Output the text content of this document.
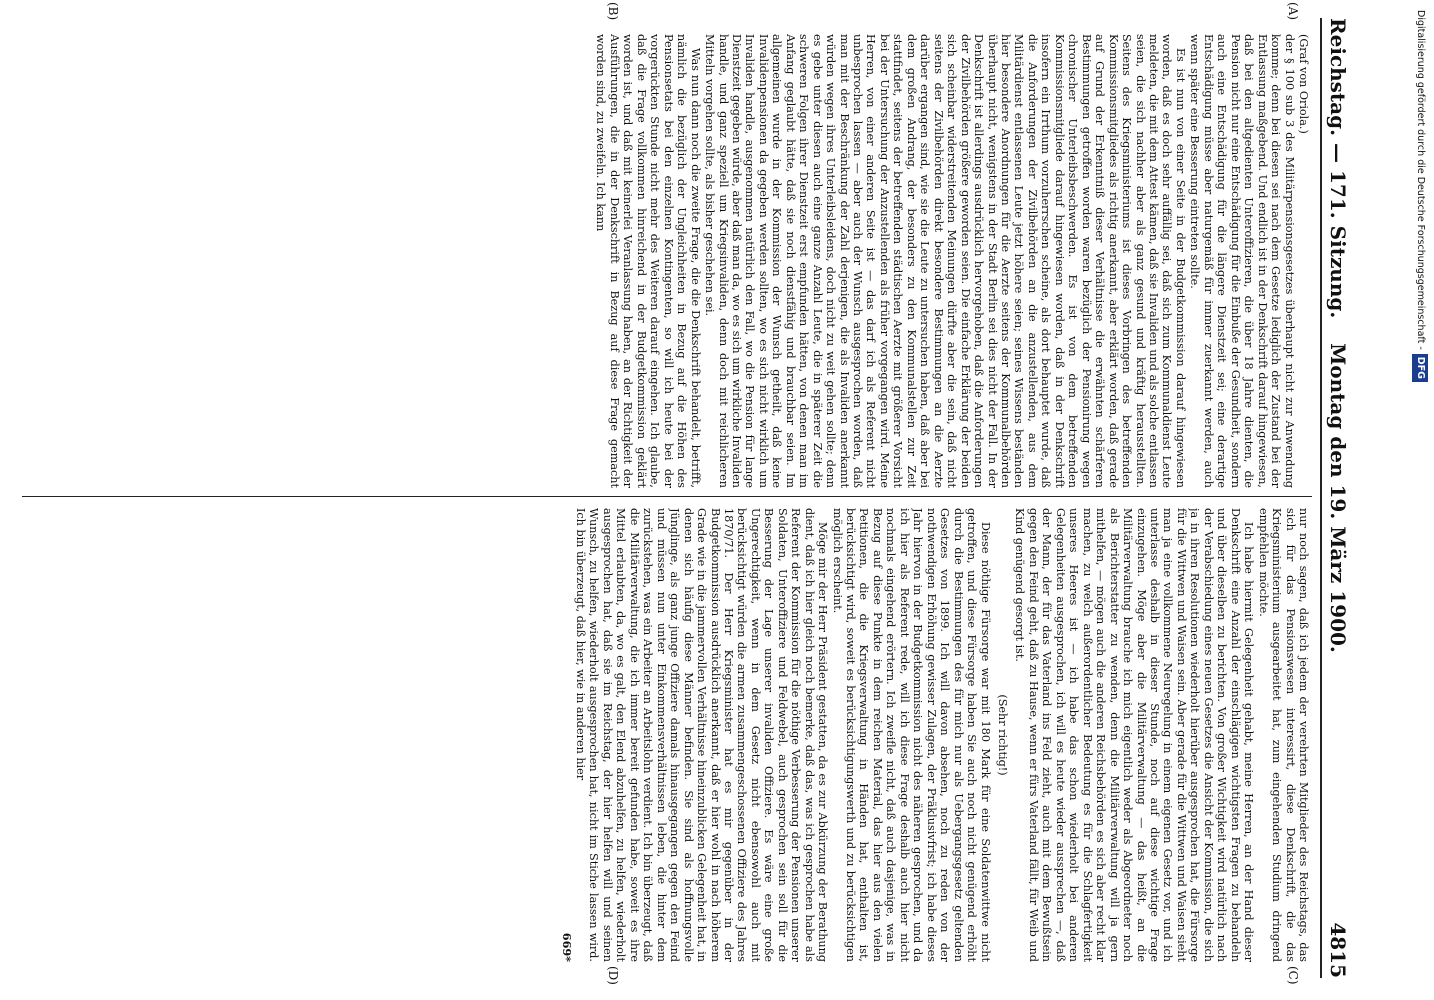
Reichstag. — 171. Sitzung.
Montag den 19. März 1900.
4815
(A)
(B)
(C)
(D)

(Graf von Oriola.)

der § 100 sub 3 des Militärpensionsgesetzes überhaupt nicht zur Anwendung komme; denn bei diesen sei nach dem Gesetze lediglich der Zustand bei der Entlassung maßgebend. Und endlich ist in der Denkschrift darauf hingewiesen, daß bei den altgedienten Unteroffizieren, die über 18 Jahre dienten, die Pension nicht nur eine Entschädigung für die Einbuße der Gesundheit, sondern auch eine Entschädigung für die längere Dienstzeit sei; eine derartige Entschädigung müsse aber naturgemäß für immer zuerkannt werden, auch wenn später eine Besserung eintreten sollte.

Es ist nun von einer Seite in der Budgetkommission darauf hingewiesen worden, daß es doch sehr auffällig sei, daß sich zum Kommunaldienst Leute meldeten, die mit dem Attest kämen, daß sie Invaliden und als solche entlassen seien, die sich nachher aber als ganz gesund und kräftig herausstellten. Seitens des Kriegsministeriums ist dieses Vorbringen des betreffenden Kommissionsmitgliedes als richtig anerkannt, aber erklärt worden, daß gerade auf Grund der Erkenntniß dieser Verhältnisse die erwähnten schärferen Bestimmungen getroffen worden waren bezüglich der Pensionirung wegen chronischer Unterleibsbeschwerden. Es ist von dem betreffenden Kommissionsmitgliede darauf hingewiesen worden, daß in der Denkschrift insofern ein Irrthum vorzuherrschen scheine, als dort behauptet wurde, daß die Anforderungen der Zivilbehörden an die anzustellenden, aus dem Militärdienst entlassenen Leute jetzt höhere seien; seines Wissens beständen hier besondere Anordnungen für die Aerzte seitens der Kommunalbehörden überhaupt nicht, wenigstens in der Stadt Berlin sei dies nicht der Fall. In der Denkschrift ist allerdings ausdrücklich hervorgehoben, daß die Anforderungen der Zivilbehörden größere geworden seien. Die einfache Erklärung der beiden sich scheinbar widerstreitenden Meinungen dürfte aber die sein, daß nicht seitens der Zivilbehörden direkt besondere Bestimmungen an die Aerzte darüber ergangen sind, wie sie die Leute zu untersuchen haben, daß aber bei dem großen Andrang, der besonders zu den Kommunalstellen zur Zeit stattfindet, seitens der betreffenden städtischen Aerzte mit größerer Vorsicht bei der Untersuchung der Anzustellenden als früher vorgegangen wird. Meine Herren, von einer anderen Seite ist — das darf ich als Referent nicht unbesprochen lassen — aber auch der Wunsch ausgesprochen worden, daß man mit der Beschränkung der Zahl derjenigen, die als Invaliden anerkannt würden wegen ihres Unterleibsleidens, doch nicht zu weit gehen sollte; denn es gebe unter diesen auch eine ganze Anzahl Leute, die in späterer Zeit die schweren Folgen ihrer Dienstzeit erst empfunden hätten, von denen man im Anfang geglaubt hätte, daß sie noch dienstfähig und brauchbar seien. Im allgemeinen wurde in der Kommission der Wunsch getheilt, daß keine Invalidenpensionen da gegeben werden sollten, wo es sich nicht wirklich um Invaliden handle, ausgenommen natürlich den Fall, wo die Pension für lange Dienstzeit gegeben würde, aber daß man da, wo es sich um wirkliche Invaliden handle, und ganz speziell um Kriegsinvaliden, denn doch mit reichlicheren Mitteln vorgehen sollte, als bisher geschehen sei.

Was nun dann noch die zweite Frage, die die Denkschrift behandelt, betrifft, nämlich die bezüglich der Ungleichheiten in Bezug auf die Höhen des Pensionsetats bei den einzelnen Kontingenten, so will ich heute bei der vorgerückten Stunde nicht mehr des Weiteren darauf eingehen. Ich glaube, daß die Frage vollkommen hinreichend in der Budgetkommission geklärt worden ist, und daß mit keinerlei Veranlassung haben, an der Richtigkeit der Ausführungen, die in der Denkschrift in Bezug auf diese Frage gemacht worden sind, zu zweifeln. Ich kann

nur noch sagen, daß ich jedem der verehrten Mitglieder des Reichstags, das sich für das Pensionswesen interessirt, diese Denkschrift, die das Kriegsministerium ausgearbeitet hat, zum eingehenden Studium dringend empfehlen möchte.

Ich habe hiermit Gelegenheit gehabt, meine Herren, an der Hand dieser Denkschrift eine Anzahl der einschlägigen wichtigsten Fragen zu behandeln und über dieselben zu berichten. Von großer Wichtigkeit wird natürlich nach der Verabschiedung eines neuen Gesetzes die Ansicht der Kommission, die sich ja in ihren Resolutionen wiederholt hierüber ausgesprochen hat, die Fürsorge für die Wittwen und Waisen sein. Aber gerade für die Wittwen und Waisen sieht man ja eine vollkommene Neuregelung in einem eigenen Gesetz vor, und ich unterlasse deshalb in dieser Stunde, noch auf diese wichtige Frage einzugehen. Möge aber die Militärverwaltung — das heißt, an die Militärverwaltung brauche ich mich eigentlich weder als Abgeordneter noch als Berichterstatter zu wenden, denn die Militärverwaltung will ja gern mithelfen, — mögen auch die anderen Reichsbehörden es sich aber recht klar machen, zu welch außerordentlicher Bedeutung es für die Schlagfertigkeit unseres Heeres ist — ich habe das schon wiederholt bei anderen Gelegenheiten ausgesprochen, ich will es heute wieder aussprechen —, daß der Mann, der für das Vaterland ins Feld zieht, auch mit dem Bewußtsein gegen den Feind geht, daß zu Hause, wenn er fürs Vaterland fällt, für Weib und Kind genügend gesorgt ist.

(Sehr richtig!)

Diese nöthige Fürsorge war mit 180 Mark für eine Soldatenwittwe nicht getroffen, und diese Fürsorge haben Sie auch noch nicht genügend erhöht durch die Bestimmungen des für mich nur als Uebergangsgesetz geltenden Gesetzes von 1899. Ich will davon absehen, noch zu reden von der nothwendigen Erhöhung gewisser Zulagen, der Präklusivfrist; ich habe dieses Jahr hiervon in der Budgetkommission nicht des näheren gesprochen, und da ich hier als Referent rede, will ich diese Frage deshalb auch hier nicht nochmals eingehend erörtern. Ich zweifle nicht, daß auch dasjenige, was in Bezug auf diese Punkte in dem reichen Material, das hier aus den vielen Petitionen, die die Kriegsverwaltung in Händen hat, enthalten ist, berücksichtigt wird, soweit es berücksichtigungswerth und zu berücksichtigen möglich erscheint.

Möge mir der Herr Präsident gestatten, da es zur Abkürzung der Berathung dient, daß ich hier gleich noch bemerke, daß das, was ich gesprochen habe als Referent der Kommission für die nöthige Verbesserung der Pensionen unserer Soldaten, Unteroffiziere und Feldwebel, auch gesprochen sein soll für die Besserung der Lage unserer invaliden Offiziere. Es wäre eine große Ungerechtigkeit, wenn in dem Gesetz nicht ebensowohl auch mit berücksichtigt würden die armen zusammengeschossenen Offiziere des Jahres 1870/71. Der Herr Kriegsminister hat es mir gegenüber in der Budgetkommission ausdrücklich anerkannt, daß er hier wohl in nach höherem Grade wie in die jammervollen Verhältnisse hineinzublicken Gelegenheit hat, in denen sich häufig diese Männer befinden. Sie sind als hoffnungsvolle Jünglinge, als ganz junge Offiziere damals hinausgegangen gegen den Feind und müssen nun unter Einkommensverhältnissen leben, die hinter dem zurückstehen, was ein Arbeiter an Arbeitslohn verdient. Ich bin überzeugt, daß die Militärverwaltung, die ich immer bereit gefunden habe, soweit es ihre Mittel erlaubten, da, wo es galt, den Elend abzuhelfen, zu helfen, wiederholt ausgesprochen hat, daß sie im Reichstag, der hier helfen will und seinen Wunsch, zu helfen, wiederholt ausgesprochen hat, nicht im Stiche lassen wird. Ich bin überzeugt, daß hier, wie in anderen hier

669*

Digitalisierung gefördert durch die Deutsche Forschungsgemeinschaft -DFG
